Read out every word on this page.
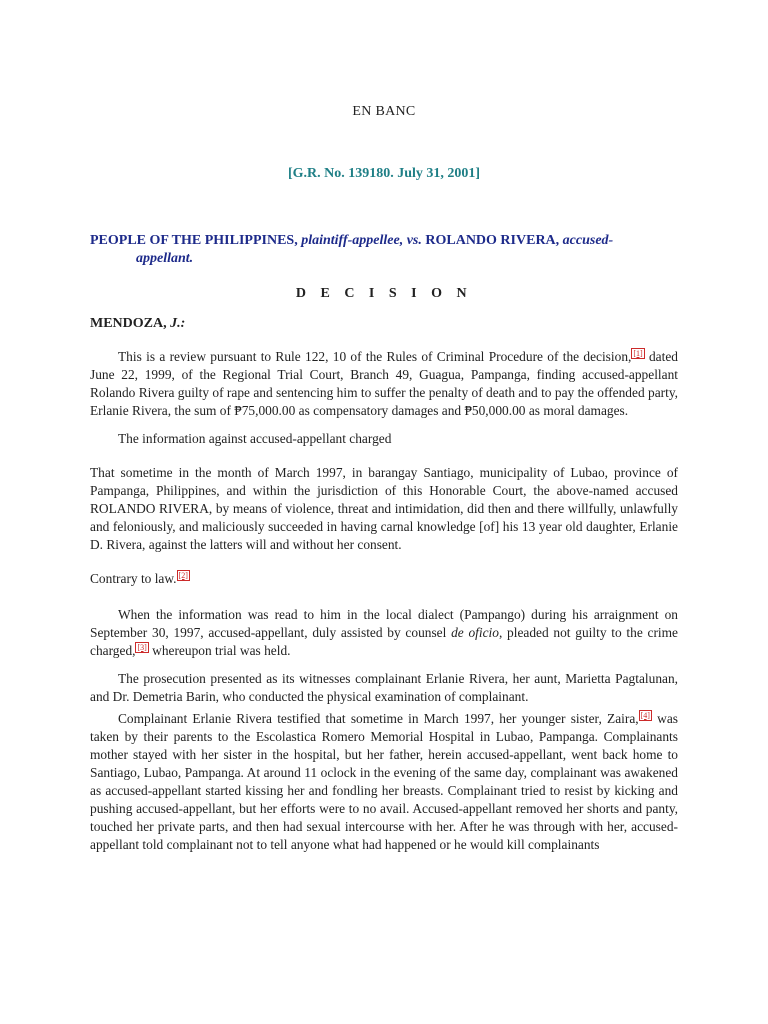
EN BANC
[G.R. No. 139180. July 31, 2001]
PEOPLE OF THE PHILIPPINES, plaintiff-appellee, vs. ROLANDO RIVERA, accused-
appellant.
D E C I S I O N
MENDOZA, J.:

This is a review pursuant to Rule 122, 10 of the Rules of Criminal Procedure of the decision, [1] dated June 22, 1999, of the Regional Trial Court, Branch 49, Guagua, Pampanga, finding accused-appellant Rolando Rivera guilty of rape and sentencing him to suffer the penalty of death and to pay the offended party, Erlanie Rivera, the sum of ₱75,000.00 as compensatory damages and ₱50,000.00 as moral damages.

The information against accused-appellant charged

That sometime in the month of March 1997, in barangay Santiago, municipality of Lubao, province of Pampanga, Philippines, and within the jurisdiction of this Honorable Court, the above-named accused ROLANDO RIVERA, by means of violence, threat and intimidation, did then and there willfully, unlawfully and feloniously, and maliciously succeeded in having carnal knowledge [of] his 13 year old daughter, Erlanie D. Rivera, against the latters will and without her consent.

Contrary to law. [2]

When the information was read to him in the local dialect (Pampango) during his arraignment on September 30, 1997, accused-appellant, duly assisted by counsel de oficio, pleaded not guilty to the crime charged, [3] whereupon trial was held.

The prosecution presented as its witnesses complainant Erlanie Rivera, her aunt, Marietta Pagtalunan, and Dr. Demetria Barin, who conducted the physical examination of complainant.

Complainant Erlanie Rivera testified that sometime in March 1997, her younger sister, Zaira, [4] was taken by their parents to the Escolastica Romero Memorial Hospital in Lubao, Pampanga. Complainants mother stayed with her sister in the hospital, but her father, herein accused-appellant, went back home to Santiago, Lubao, Pampanga. At around 11 oclock in the evening of the same day, complainant was awakened as accused-appellant started kissing her and fondling her breasts. Complainant tried to resist by kicking and pushing accused-appellant, but her efforts were to no avail. Accused-appellant removed her shorts and panty, touched her private parts, and then had sexual intercourse with her. After he was through with her, accused-appellant told complainant not to tell anyone what had happened or he would kill complainants
